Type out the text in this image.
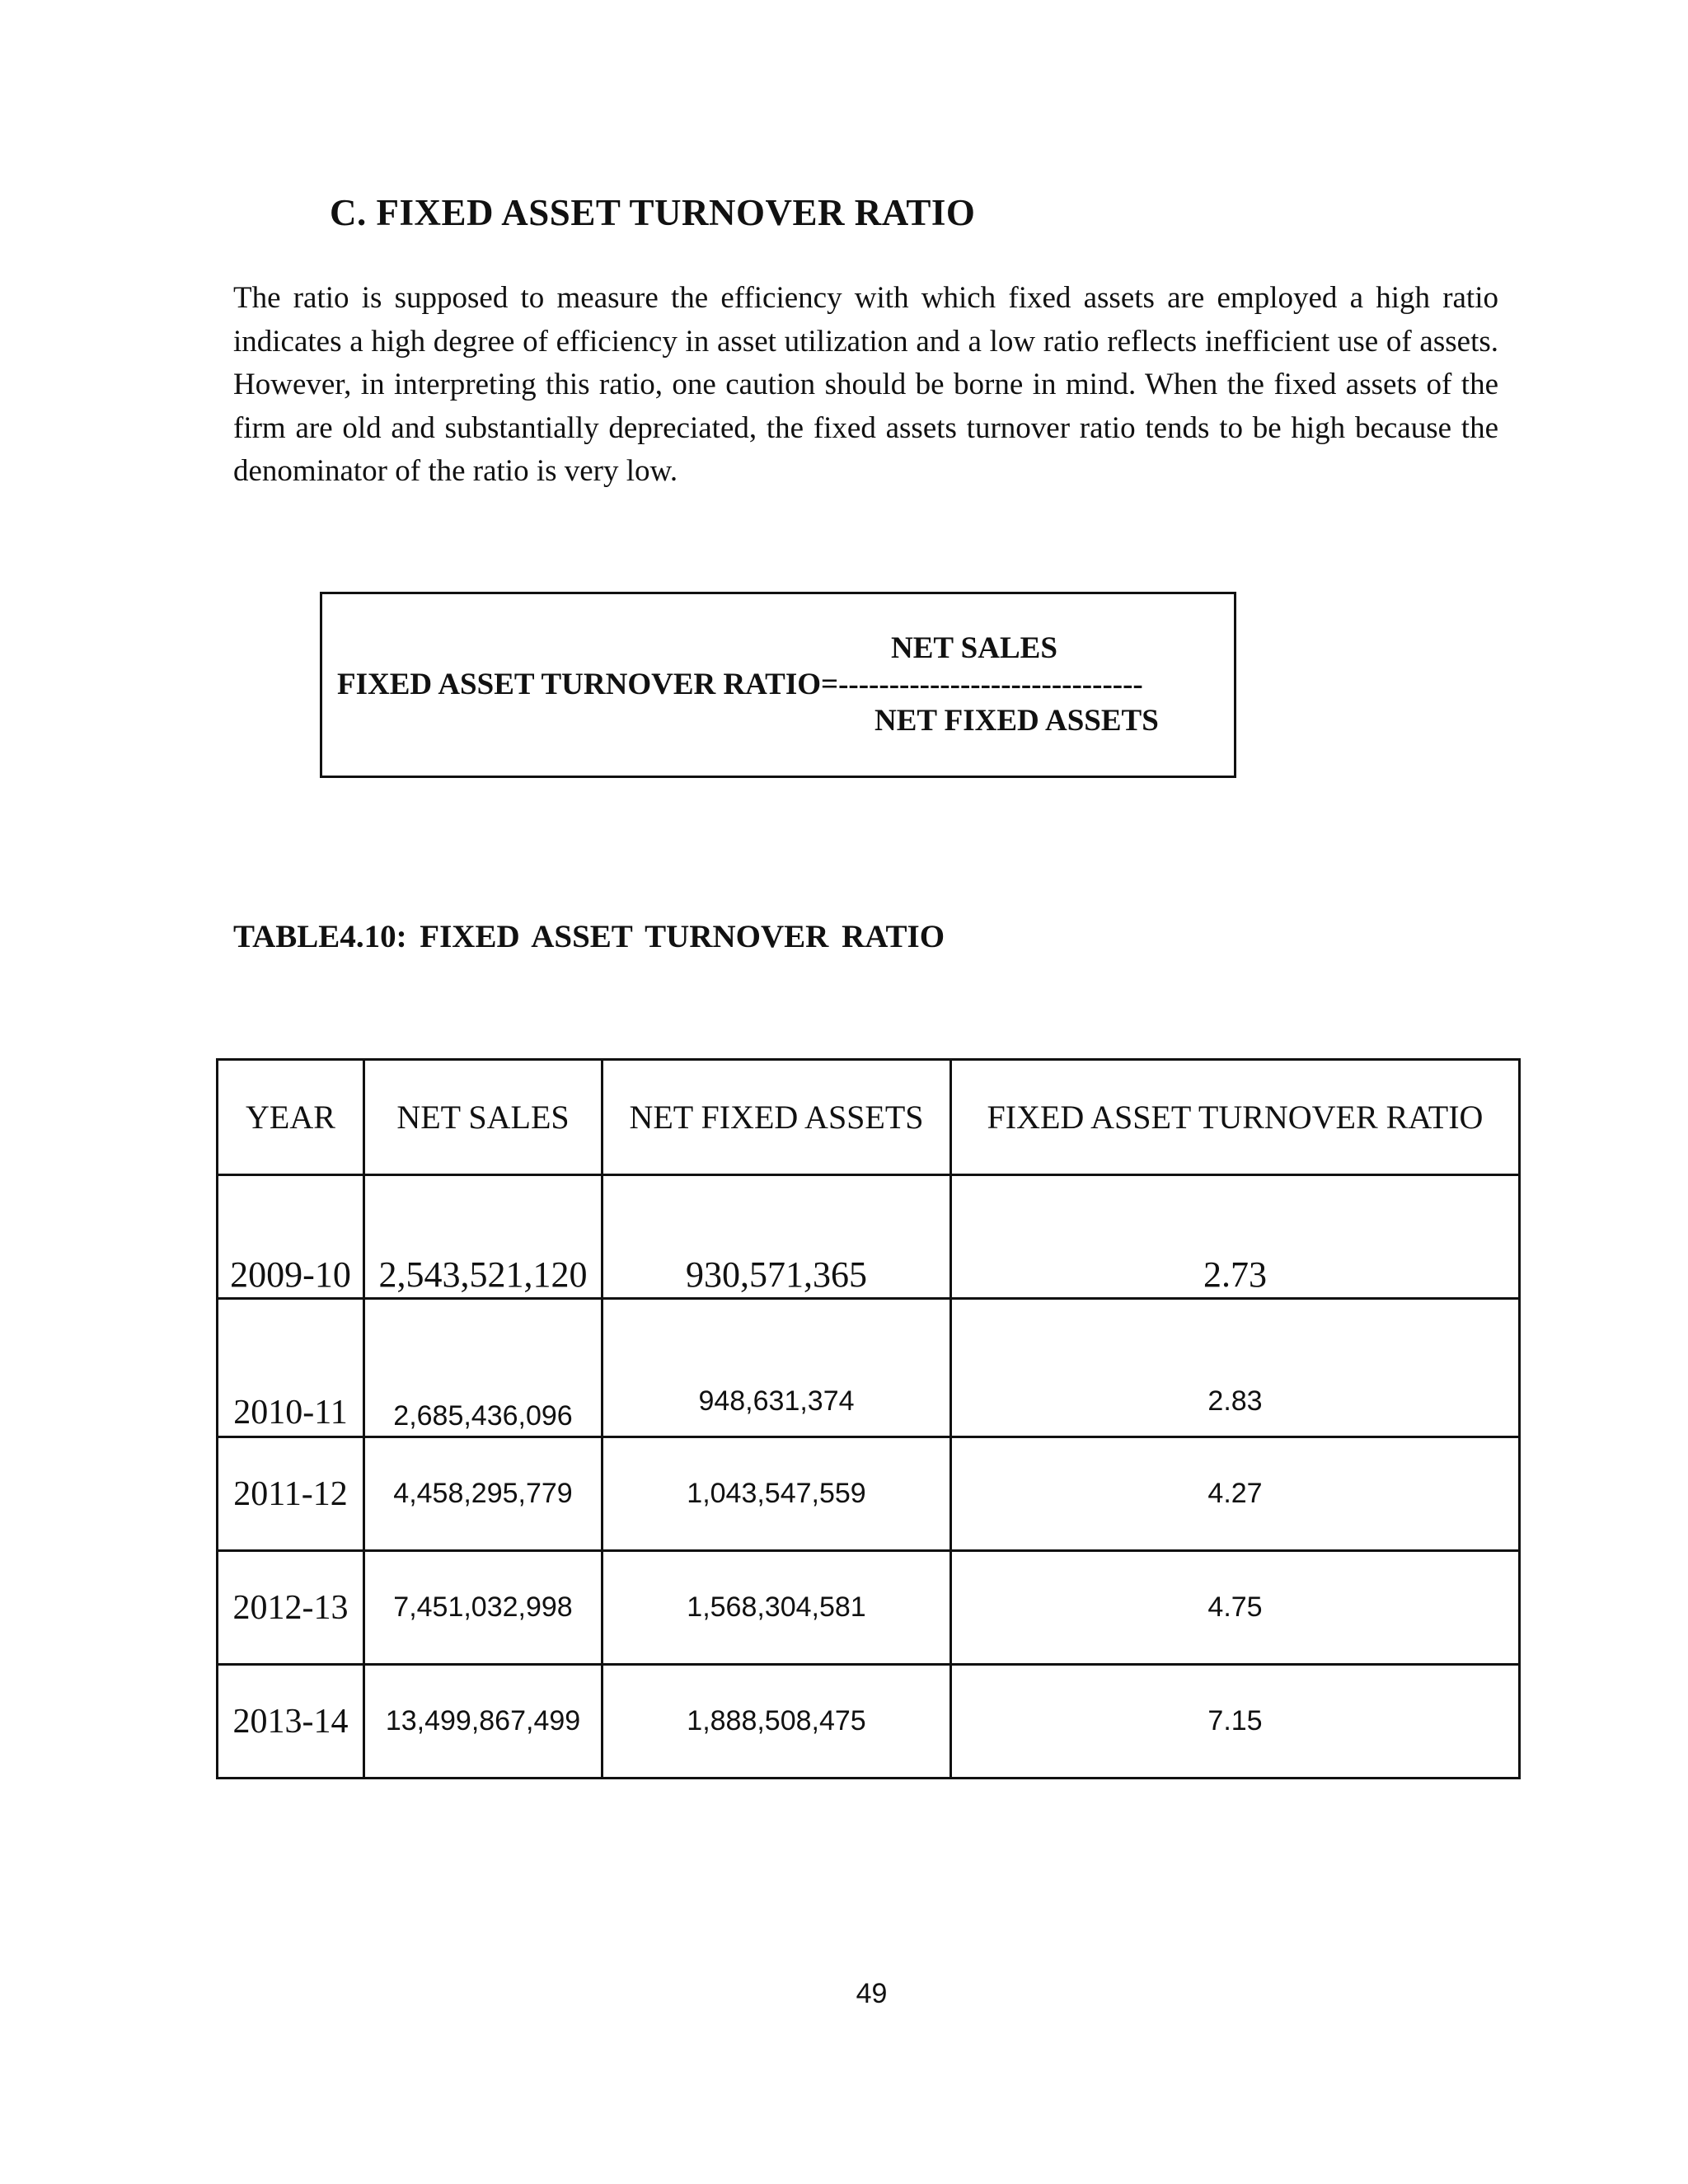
C. FIXED ASSET TURNOVER RATIO
The ratio is supposed to measure the efficiency with which fixed assets are employed a high ratio indicates a high degree of efficiency in asset utilization and a low ratio reflects inefficient use of assets. However, in interpreting this ratio, one caution should be borne in mind. When the fixed assets of the firm are old and substantially depreciated, the fixed assets turnover ratio tends to be high because the denominator of the ratio is very low.
NET SALES
FIXED ASSET TURNOVER RATIO=------------------------------
NET FIXED ASSETS
TABLE4.10: FIXED ASSET TURNOVER RATIO
YEAR	NET SALES	NET FIXED ASSETS	FIXED ASSET TURNOVER RATIO
2009-10	2,543,521,120	930,571,365	2.73
2010-11	2,685,436,096	948,631,374	2.83
2011-12	4,458,295,779	1,043,547,559	4.27
2012-13	7,451,032,998	1,568,304,581	4.75
2013-14	13,499,867,499	1,888,508,475	7.15
49
